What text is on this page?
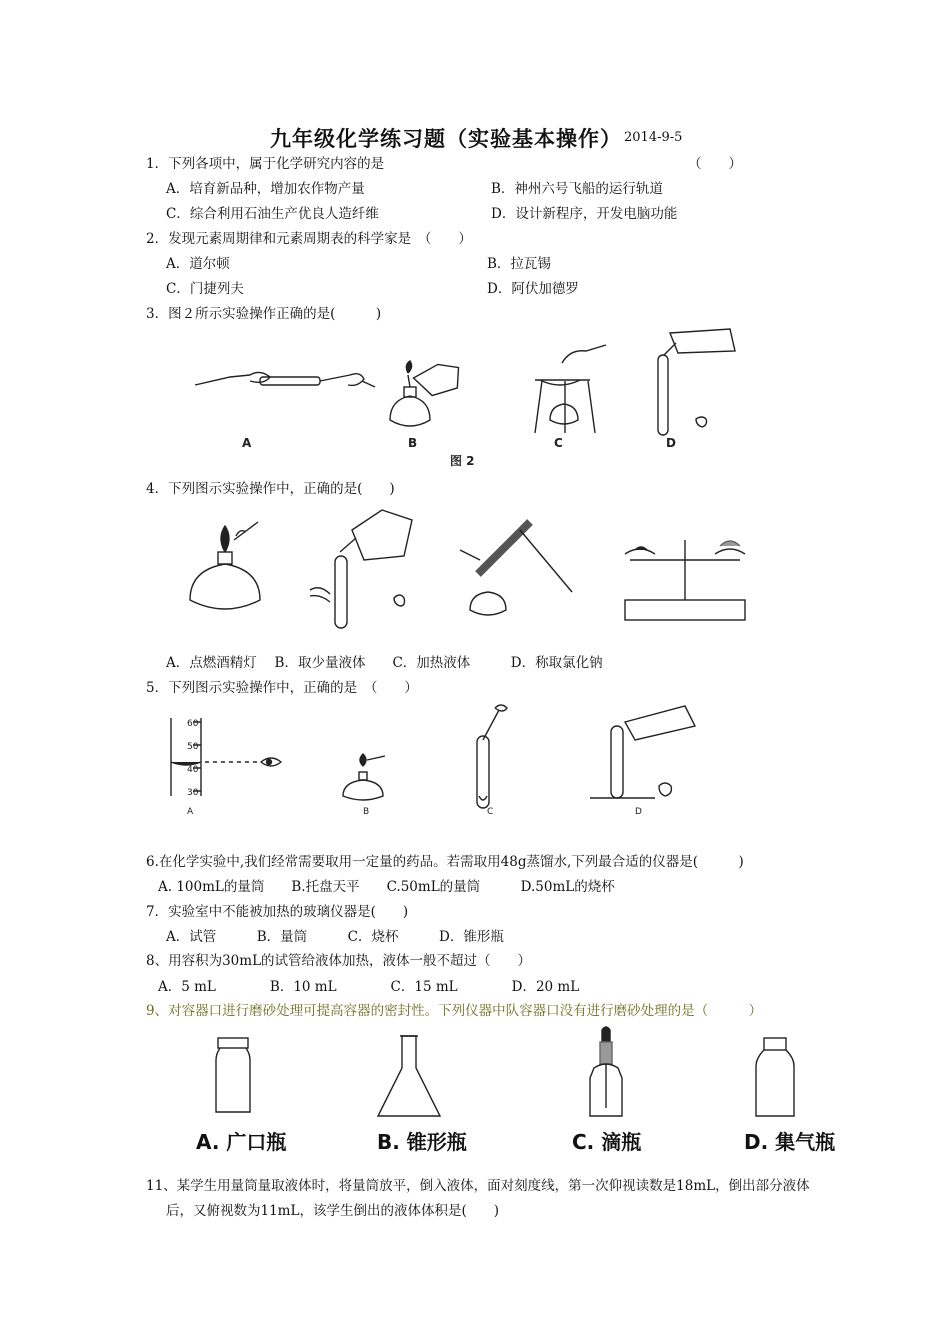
九年级化学练习题（实验基本操作） 2014-9-5
1．下列各项中，属于化学研究内容的是	（　　）
A．培育新品种，增加农作物产量	B．神州六号飞船的运行轨道
C．综合利用石油生产优良人造纤维	D．设计新程序，开发电脑功能
2．发现元素周期律和元素周期表的科学家是　（　　）
A．道尔顿	B．拉瓦锡
C．门捷列夫	D．阿伏加德罗
3．图２所示实验操作正确的是(　　　)
A	B	C	D
图 2
4．下列图示实验操作中，正确的是(　　)
A．点燃酒精灯　 B．取少量液体　　C．加热液体　　　D．称取氯化钠
5．下列图示实验操作中，正确的是　（　　）
60
50
40
30
A	B	C	D
6.在化学实验中,我们经常需要取用一定量的药品。若需取用48g蒸馏水,下列最合适的仪器是(　　　)
A. 100mL的量筒　　B.托盘天平　　C.50mL的量筒　　　D.50mL的烧杯
7．实验室中不能被加热的玻璃仪器是(　　)
A．试管　　　B．量筒　　　C．烧杯　　　D．锥形瓶
8、用容积为30mL的试管给液体加热，液体一般不超过（　　）
A．5 mL　　　　B．10 mL　　　　C．15 mL　　　　D．20 mL
9、对容器口进行磨砂处理可提高容器的密封性。下列仪器中队容器口没有进行磨砂处理的是（　　　）
A. 广口瓶	B. 锥形瓶	C. 滴瓶	D. 集气瓶
11、某学生用量筒量取液体时，将量筒放平，倒入液体，面对刻度线，第一次仰视读数是18mL，倒出部分液体
后，又俯视数为11mL，该学生倒出的液体体积是(　　)
